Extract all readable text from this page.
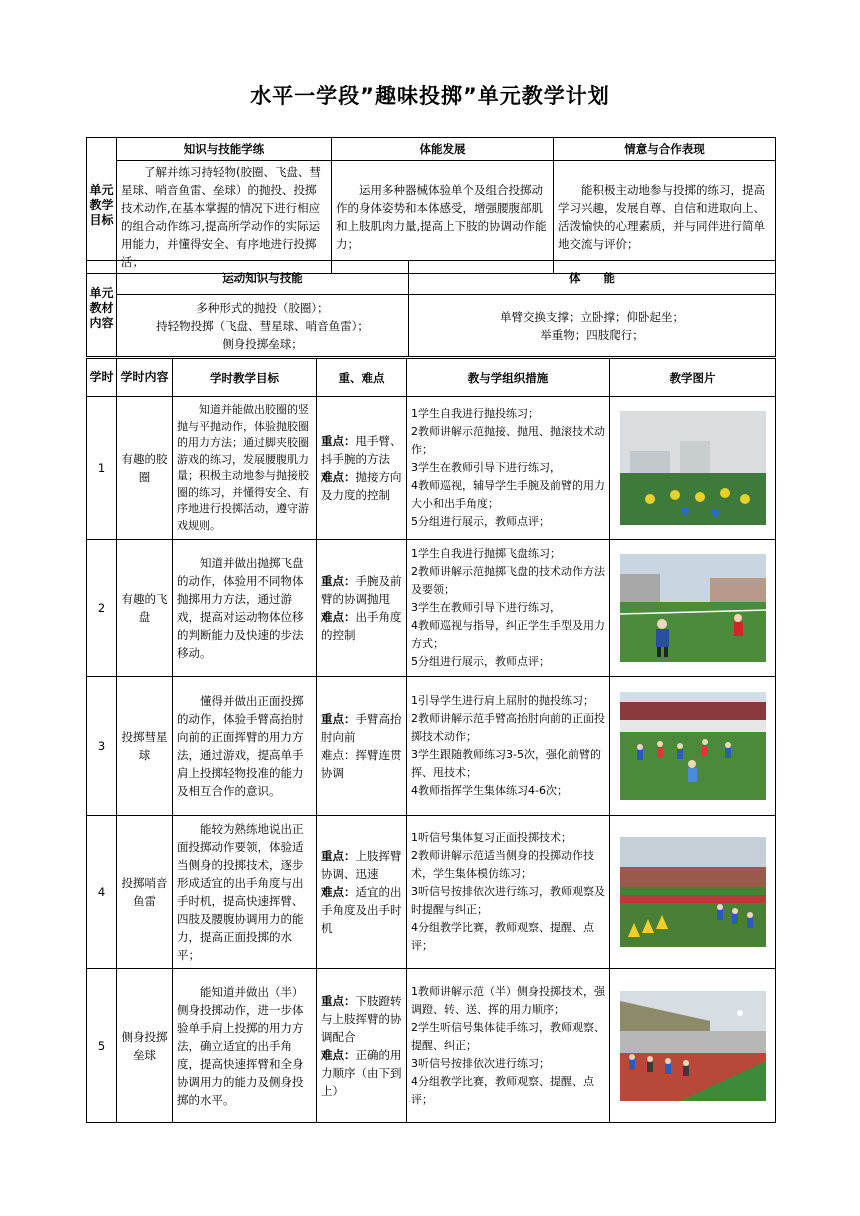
水平一学段”趣味投掷”单元教学计划
单元教学目标	知识与技能学练	体能发展	情意与合作表现
	了解并练习持轻物(胶圈、飞盘、彗星球、哨音鱼雷、垒球）的抛投、投掷技术动作,在基本掌握的情况下进行相应的组合动作练习,提高所学动作的实际运用能力，并懂得安全、有序地进行投掷活；	运用多种器械体验单个及组合投掷动作的身体姿势和本体感受，增强腰腹部肌和上肢肌肉力量,提高上下肢的协调动作能力；	能积极主动地参与投掷的练习，提高学习兴趣，发展自尊、自信和进取向上、活泼愉快的心理素质，并与同伴进行简单地交流与评价；
单元教材内容	运动知识与技能	体　　能

	多种形式的抛投（胶圈）；
持轻物投掷（飞盘、彗星球、哨音鱼雷）；
侧身投掷垒球；	单臂交换支撑；立卧撑；仰卧起坐；
举重物；四肢爬行；
学时	学时内容	学时教学目标	重、难点	教与学组织措施	教学图片
1	有趣的胶圈	知道并能做出胶圈的竖抛与平抛动作，体验抛胶圈的用力方法；通过脚夹胶圈游戏的练习，发展腰腹肌力量；积极主动地参与抛接胶圈的练习，并懂得安全、有序地进行投掷活动，遵守游戏规则。	重点：甩手臂、抖手腕的方法
难点：抛接方向及力度的控制	1学生自我进行抛投练习；
2教师讲解示范抛接、抛甩、抛滚技术动作；
3学生在教师引导下进行练习，
4教师巡视，辅导学生手腕及前臂的用力大小和出手角度；
5分组进行展示，教师点评；

2	有趣的飞盘	知道并做出抛掷飞盘的动作，体验用不同物体抛掷用力方法，通过游戏，提高对运动物体位移的判断能力及快速的步法移动。	重点：手腕及前臂的协调抛甩
难点：出手角度的控制	1学生自我进行抛掷飞盘练习；
2教师讲解示范抛掷飞盘的技术动作方法及要领；
3学生在教师引导下进行练习，
4教师巡视与指导，纠正学生手型及用力方式；
5分组进行展示，教师点评；

3	投掷彗星球	懂得并做出正面投掷的动作，体验手臂高抬肘向前的正面挥臂的用力方法，通过游戏，提高单手肩上投掷轻物投准的能力及相互合作的意识。	重点：手臂高抬肘向前
难点：挥臂连贯协调	1引导学生进行肩上屈肘的抛投练习；
2教师讲解示范手臂高抬肘向前的正面投掷技术动作；
3学生跟随教师练习3-5次，强化前臂的挥、甩技术；
4教师指挥学生集体练习4-6次；

4	投掷哨音鱼雷	能较为熟练地说出正面投掷动作要领，体验适当侧身的投掷技术，逐步形成适宜的出手角度与出手时机，提高快速挥臂、四肢及腰腹协调用力的能力，提高正面投掷的水平；	重点：上肢挥臂协调、迅速
难点：适宜的出手角度及出手时机	1听信号集体复习正面投掷技术；
2教师讲解示范适当侧身的投掷动作技术，学生集体模仿练习；
3听信号按排依次进行练习，教师观察及时提醒与纠正；
4分组教学比赛，教师观察、提醒、点评；

5	侧身投掷垒球	能知道并做出（半）侧身投掷动作，进一步体验单手肩上投掷的用力方法，确立适宜的出手角度，提高快速挥臂和全身协调用力的能力及侧身投掷的水平。	重点：下肢蹬转与上肢挥臂的协调配合
难点：正确的用力顺序（由下到上）	1教师讲解示范（半）侧身投掷技术，强调蹬、转、送、挥的用力顺序；
2学生听信号集体徒手练习，教师观察、提醒、纠正；
3听信号按排依次进行练习；
4分组教学比赛，教师观察、提醒、点评；
